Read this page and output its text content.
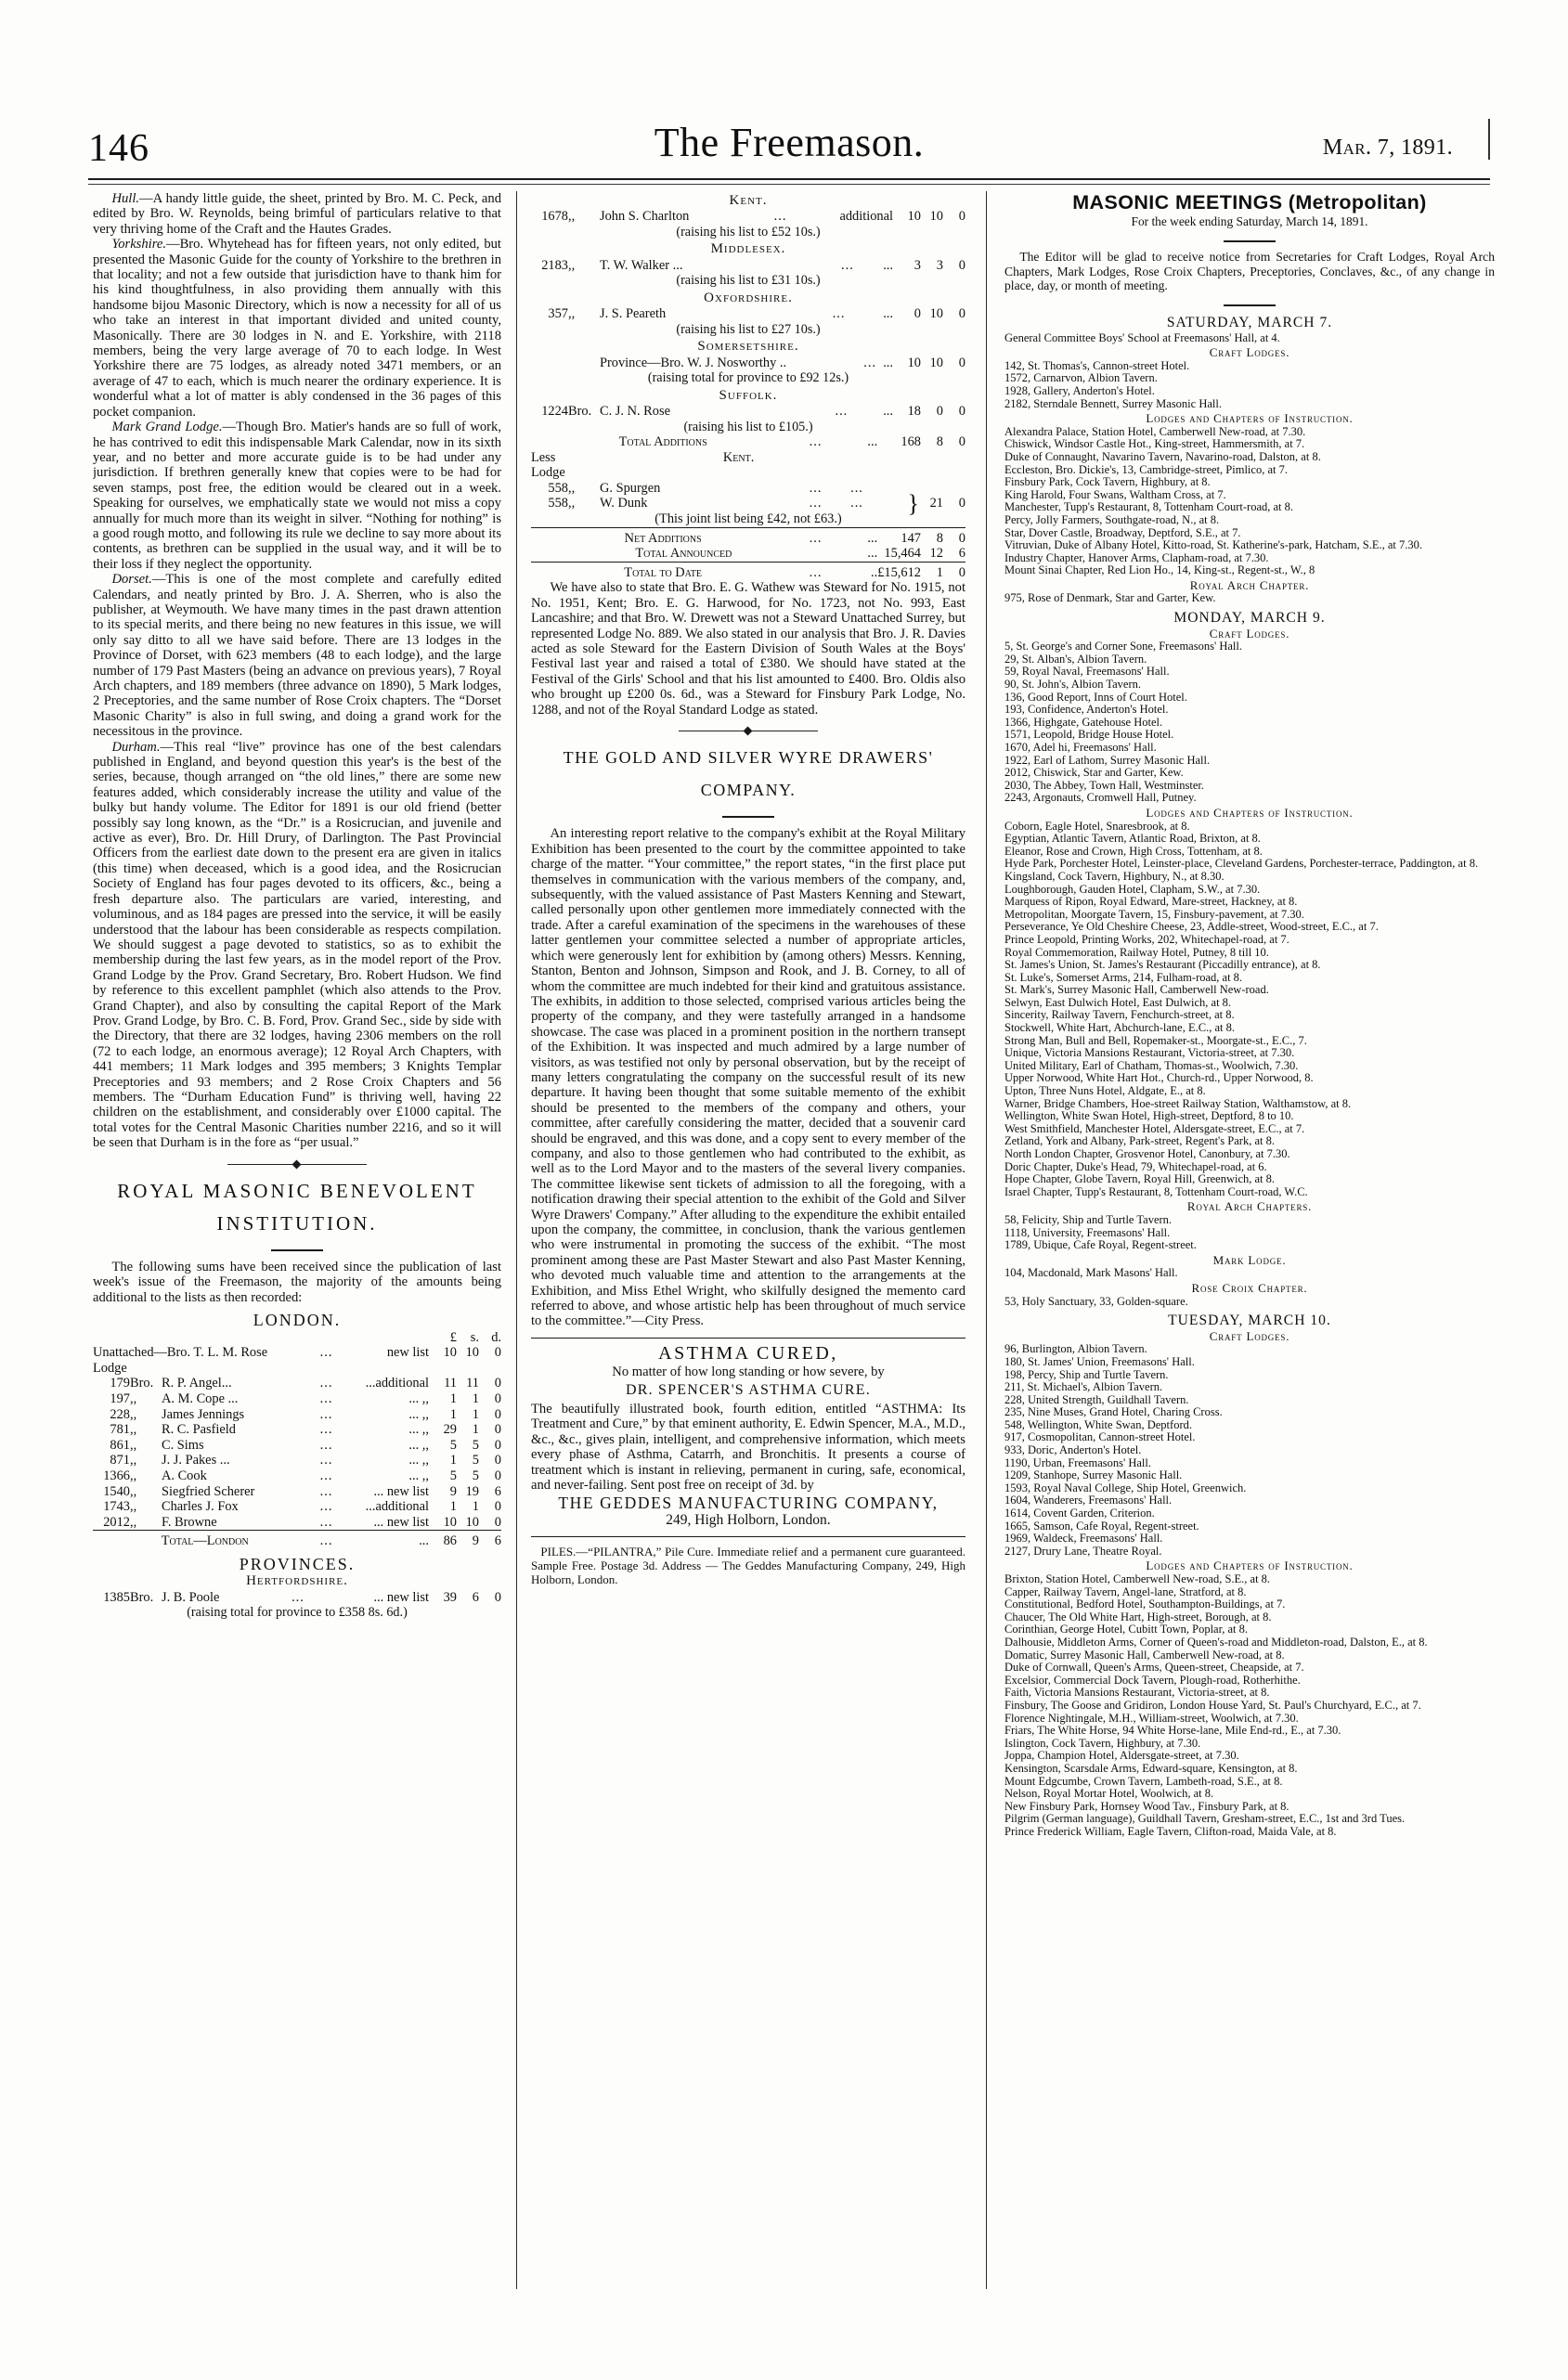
146	The Freemason.	Mar. 7, 1891.

Hull.—A handy little guide, the sheet, printed by Bro. M. C. Peck, and edited by Bro. W. Reynolds, being brimful of particulars relative to that very thriving home of the Craft and the Hautes Grades.

Yorkshire.—Bro. Whytehead has for fifteen years, not only edited, but presented the Masonic Guide for the county of Yorkshire to the brethren in that locality; and not a few outside that jurisdiction have to thank him for his kind thoughtfulness, in also providing them annually with this handsome bijou Masonic Directory, which is now a necessity for all of us who take an interest in that important divided and united county, Masonically. There are 30 lodges in N. and E. Yorkshire, with 2118 members, being the very large average of 70 to each lodge. In West Yorkshire there are 75 lodges, as already noted 3471 members, or an average of 47 to each, which is much nearer the ordinary experience. It is wonderful what a lot of matter is ably condensed in the 36 pages of this pocket companion.

Mark Grand Lodge.—Though Bro. Matier's hands are so full of work, he has contrived to edit this indispensable Mark Calendar, now in its sixth year, and no better and more accurate guide is to be had under any jurisdiction. If brethren generally knew that copies were to be had for seven stamps, post free, the edition would be cleared out in a week. Speaking for ourselves, we emphatically state we would not miss a copy annually for much more than its weight in silver. “Nothing for nothing” is a good rough motto, and following its rule we decline to say more about its contents, as brethren can be supplied in the usual way, and it will be to their loss if they neglect the opportunity.

Dorset.—This is one of the most complete and carefully edited Calendars, and neatly printed by Bro. J. A. Sherren, who is also the publisher, at Weymouth. We have many times in the past drawn attention to its special merits, and there being no new features in this issue, we will only say ditto to all we have said before. There are 13 lodges in the Province of Dorset, with 623 members (48 to each lodge), and the large number of 179 Past Masters (being an advance on previous years), 7 Royal Arch chapters, and 189 members (three advance on 1890), 5 Mark lodges, 2 Preceptories, and the same number of Rose Croix chapters. The “Dorset Masonic Charity” is also in full swing, and doing a grand work for the necessitous in the province.

Durham.—This real “live” province has one of the best calendars published in England, and beyond question this year's is the best of the series, because, though arranged on “the old lines,” there are some new features added, which considerably increase the utility and value of the bulky but handy volume. The Editor for 1891 is our old friend (better possibly say long known, as the “Dr.” is a Rosicrucian, and juvenile and active as ever), Bro. Dr. Hill Drury, of Darlington. The Past Provincial Officers from the earliest date down to the present era are given in italics (this time) when deceased, which is a good idea, and the Rosicrucian Society of England has four pages devoted to its officers, &c., being a fresh departure also. The particulars are varied, interesting, and voluminous, and as 184 pages are pressed into the service, it will be easily understood that the labour has been considerable as respects compilation. We should suggest a page devoted to statistics, so as to exhibit the membership during the last few years, as in the model report of the Prov. Grand Lodge by the Prov. Grand Secretary, Bro. Robert Hudson. We find by reference to this excellent pamphlet (which also attends to the Prov. Grand Chapter), and also by consulting the capital Report of the Mark Prov. Grand Lodge, by Bro. C. B. Ford, Prov. Grand Sec., side by side with the Directory, that there are 32 lodges, having 2306 members on the roll (72 to each lodge, an enormous average); 12 Royal Arch Chapters, with 441 members; 11 Mark lodges and 395 members; 3 Knights Templar Preceptories and 93 members; and 2 Rose Croix Chapters and 56 members. The “Durham Education Fund” is thriving well, having 22 children on the establishment, and considerably over £1000 capital. The total votes for the Central Masonic Charities number 2216, and so it will be seen that Durham is in the fore as “per usual.”

ROYAL MASONIC BENEVOLENT
INSTITUTION.

The following sums have been received since the publication of last week's issue of the Freemason, the majority of the amounts being additional to the lists as then recorded:

LONDON.
					£	s.	d.
Unattached—Bro. T. L. M. Rose			...	new list	10	10	0
Lodge							
179	Bro.	R. P. Angel...	...	...additional	11	11	0
197	,,	A. M. Cope ...	...	... ,,	1	1	0
228	,,	James Jennings	...	... ,,	1	1	0
781	,,	R. C. Pasfield	...	... ,,	29	1	0
861	,,	C. Sims	...	... ,,	5	5	0
871	,,	J. J. Pakes ...	...	... ,,	1	5	0
1366	,,	A. Cook	...	... ,,	5	5	0
1540	,,	Siegfried Scherer	...	... new list	9	19	6
1743	,,	Charles J. Fox	...	...additional	1	1	0
2012	,,	F. Browne	...	... new list	10	10	0

Total—London			...	...	86	9	6
PROVINCES.
Hertfordshire.
1385	Bro.	J. B. Poole	...	... new list	39	6	0
(raising total for province to £358 8s. 6d.)
Kent.
1678	,,	John S. Charlton	...	additional	10	10	0
(raising his list to £52 10s.)
Middlesex.
2183	,,	T. W. Walker ...	...	...	3	3	0
(raising his list to £31 10s.)
Oxfordshire.
357	,,	J. S. Peareth	...	...	0	10	0
(raising his list to £27 10s.)
Somersetshire.
		Province—Bro. W. J. Nosworthy ..	...	...	10	10	0
(raising total for province to £92 12s.)
Suffolk.
1224	Bro.	C. J. N. Rose	...	...	18	0	0
(raising his list to £105.)
Total Additions			...	...	168	8	0
Less		Kent.					
Lodge							
558	,,	G. Spurgen	...	...	}	21	0
558	,,	W. Dunk	...	...			
(This joint list being £42, not £63.)							

Net Additions			...	...	147	8	0
Total Announced				...	15,464	12	6

Total to Date			...	..	£15,612	1	0

We have also to state that Bro. E. G. Wathew was Steward for No. 1915, not No. 1951, Kent; Bro. E. G. Harwood, for No. 1723, not No. 993, East Lancashire; and that Bro. W. Drewett was not a Steward Unattached Surrey, but represented Lodge No. 889. We also stated in our analysis that Bro. J. R. Davies acted as sole Steward for the Eastern Division of South Wales at the Boys' Festival last year and raised a total of £380. We should have stated at the Festival of the Girls' School and that his list amounted to £400. Bro. Oldis also who brought up £200 0s. 6d., was a Steward for Finsbury Park Lodge, No. 1288, and not of the Royal Standard Lodge as stated.

THE GOLD AND SILVER WYRE DRAWERS'
COMPANY.

An interesting report relative to the company's exhibit at the Royal Military Exhibition has been presented to the court by the committee appointed to take charge of the matter. “Your committee,” the report states, “in the first place put themselves in communication with the various members of the company, and, subsequently, with the valued assistance of Past Masters Kenning and Stewart, called personally upon other gentlemen more immediately connected with the trade. After a careful examination of the specimens in the warehouses of these latter gentlemen your committee selected a number of appropriate articles, which were generously lent for exhibition by (among others) Messrs. Kenning, Stanton, Benton and Johnson, Simpson and Rook, and J. B. Corney, to all of whom the committee are much indebted for their kind and gratuitous assistance. The exhibits, in addition to those selected, comprised various articles being the property of the company, and they were tastefully arranged in a handsome showcase. The case was placed in a prominent position in the northern transept of the Exhibition. It was inspected and much admired by a large number of visitors, as was testified not only by personal observation, but by the receipt of many letters congratulating the company on the successful result of its new departure. It having been thought that some suitable memento of the exhibit should be presented to the members of the company and others, your committee, after carefully considering the matter, decided that a souvenir card should be engraved, and this was done, and a copy sent to every member of the company, and also to those gentlemen who had contributed to the exhibit, as well as to the Lord Mayor and to the masters of the several livery companies. The committee likewise sent tickets of admission to all the foregoing, with a notification drawing their special attention to the exhibit of the Gold and Silver Wyre Drawers' Company.” After alluding to the expenditure the exhibit entailed upon the company, the committee, in conclusion, thank the various gentlemen who were instrumental in promoting the success of the exhibit. “The most prominent among these are Past Master Stewart and also Past Master Kenning, who devoted much valuable time and attention to the arrangements at the Exhibition, and Miss Ethel Wright, who skilfully designed the memento card referred to above, and whose artistic help has been throughout of much service to the committee.”—City Press.

ASTHMA CURED,
No matter of how long standing or how severe, by
DR. SPENCER'S ASTHMA CURE.

The beautifully illustrated book, fourth edition, entitled “ASTHMA: Its Treatment and Cure,” by that eminent authority, E. Edwin Spencer, M.A., M.D., &c., &c., gives plain, intelligent, and comprehensive information, which meets every phase of Asthma, Catarrh, and Bronchitis. It presents a course of treatment which is instant in relieving, permanent in curing, safe, economical, and never-failing. Sent post free on receipt of 3d. by

THE GEDDES MANUFACTURING COMPANY,
249, High Holborn, London.

PILES.—“PILANTRA,” Pile Cure. Immediate relief and a permanent cure guaranteed. Sample Free. Postage 3d. Address — The Geddes Manufacturing Company, 249, High Holborn, London.

MASONIC MEETINGS (Metropolitan)
For the week ending Saturday, March 14, 1891.

The Editor will be glad to receive notice from Secretaries for Craft Lodges, Royal Arch Chapters, Mark Lodges, Rose Croix Chapters, Preceptories, Conclaves, &c., of any change in place, day, or month of meeting.

SATURDAY, MARCH 7.
General Committee Boys' School at Freemasons' Hall, at 4.
Craft Lodges.
142, St. Thomas's, Cannon-street Hotel.
1572, Carnarvon, Albion Tavern.
1928, Gallery, Anderton's Hotel.
2182, Sterndale Bennett, Surrey Masonic Hall.
Lodges and Chapters of Instruction.
Alexandra Palace, Station Hotel, Camberwell New-road, at 7.30.
Chiswick, Windsor Castle Hot., King-street, Hammersmith, at 7.
Duke of Connaught, Navarino Tavern, Navarino-road, Dalston, at 8.
Eccleston, Bro. Dickie's, 13, Cambridge-street, Pimlico, at 7.
Finsbury Park, Cock Tavern, Highbury, at 8.
King Harold, Four Swans, Waltham Cross, at 7.
Manchester, Tupp's Restaurant, 8, Tottenham Court-road, at 8.
Percy, Jolly Farmers, Southgate-road, N., at 8.
Star, Dover Castle, Broadway, Deptford, S.E., at 7.
Vitruvian, Duke of Albany Hotel, Kitto-road, St. Katherine's-park, Hatcham, S.E., at 7.30.
Industry Chapter, Hanover Arms, Clapham-road, at 7.30.
Mount Sinai Chapter, Red Lion Ho., 14, King-st., Regent-st., W., 8
Royal Arch Chapter.
975, Rose of Denmark, Star and Garter, Kew.
MONDAY, MARCH 9.
Craft Lodges.
5, St. George's and Corner Sone, Freemasons' Hall.
29, St. Alban's, Albion Tavern.
59, Royal Naval, Freemasons' Hall.
90, St. John's, Albion Tavern.
136, Good Report, Inns of Court Hotel.
193, Confidence, Anderton's Hotel.
1366, Highgate, Gatehouse Hotel.
1571, Leopold, Bridge House Hotel.
1670, Adel hi, Freemasons' Hall.
1922, Earl of Lathom, Surrey Masonic Hall.
2012, Chiswick, Star and Garter, Kew.
2030, The Abbey, Town Hall, Westminster.
2243, Argonauts, Cromwell Hall, Putney.
Lodges and Chapters of Instruction.
Coborn, Eagle Hotel, Snaresbrook, at 8.
Egyptian, Atlantic Tavern, Atlantic Road, Brixton, at 8.
Eleanor, Rose and Crown, High Cross, Tottenham, at 8.
Hyde Park, Porchester Hotel, Leinster-place, Cleveland Gardens, Porchester-terrace, Paddington, at 8.
Kingsland, Cock Tavern, Highbury, N., at 8.30.
Loughborough, Gauden Hotel, Clapham, S.W., at 7.30.
Marquess of Ripon, Royal Edward, Mare-street, Hackney, at 8.
Metropolitan, Moorgate Tavern, 15, Finsbury-pavement, at 7.30.
Perseverance, Ye Old Cheshire Cheese, 23, Addle-street, Wood-street, E.C., at 7.
Prince Leopold, Printing Works, 202, Whitechapel-road, at 7.
Royal Commemoration, Railway Hotel, Putney, 8 till 10.
St. James's Union, St. James's Restaurant (Piccadilly entrance), at 8.
St. Luke's, Somerset Arms, 214, Fulham-road, at 8.
St. Mark's, Surrey Masonic Hall, Camberwell New-road.
Selwyn, East Dulwich Hotel, East Dulwich, at 8.
Sincerity, Railway Tavern, Fenchurch-street, at 8.
Stockwell, White Hart, Abchurch-lane, E.C., at 8.
Strong Man, Bull and Bell, Ropemaker-st., Moorgate-st., E.C., 7.
Unique, Victoria Mansions Restaurant, Victoria-street, at 7.30.
United Military, Earl of Chatham, Thomas-st., Woolwich, 7.30.
Upper Norwood, White Hart Hot., Church-rd., Upper Norwood, 8.
Upton, Three Nuns Hotel, Aldgate, E., at 8.
Warner, Bridge Chambers, Hoe-street Railway Station, Walthamstow, at 8.
Wellington, White Swan Hotel, High-street, Deptford, 8 to 10.
West Smithfield, Manchester Hotel, Aldersgate-street, E.C., at 7.
Zetland, York and Albany, Park-street, Regent's Park, at 8.
North London Chapter, Grosvenor Hotel, Canonbury, at 7.30.
Doric Chapter, Duke's Head, 79, Whitechapel-road, at 6.
Hope Chapter, Globe Tavern, Royal Hill, Greenwich, at 8.
Israel Chapter, Tupp's Restaurant, 8, Tottenham Court-road, W.C.
Royal Arch Chapters.
58, Felicity, Ship and Turtle Tavern.
1118, University, Freemasons' Hall.
1789, Ubique, Cafe Royal, Regent-street.
Mark Lodge.
104, Macdonald, Mark Masons' Hall.
Rose Croix Chapter.
53, Holy Sanctuary, 33, Golden-square.
TUESDAY, MARCH 10.
Craft Lodges.
96, Burlington, Albion Tavern.
180, St. James' Union, Freemasons' Hall.
198, Percy, Ship and Turtle Tavern.
211, St. Michael's, Albion Tavern.
228, United Strength, Guildhall Tavern.
235, Nine Muses, Grand Hotel, Charing Cross.
548, Wellington, White Swan, Deptford.
917, Cosmopolitan, Cannon-street Hotel.
933, Doric, Anderton's Hotel.
1190, Urban, Freemasons' Hall.
1209, Stanhope, Surrey Masonic Hall.
1593, Royal Naval College, Ship Hotel, Greenwich.
1604, Wanderers, Freemasons' Hall.
1614, Covent Garden, Criterion.
1665, Samson, Cafe Royal, Regent-street.
1969, Waldeck, Freemasons' Hall.
2127, Drury Lane, Theatre Royal.
Lodges and Chapters of Instruction.
Brixton, Station Hotel, Camberwell New-road, S.E., at 8.
Capper, Railway Tavern, Angel-lane, Stratford, at 8.
Constitutional, Bedford Hotel, Southampton-Buildings, at 7.
Chaucer, The Old White Hart, High-street, Borough, at 8.
Corinthian, George Hotel, Cubitt Town, Poplar, at 8.
Dalhousie, Middleton Arms, Corner of Queen's-road and Middleton-road, Dalston, E., at 8.
Domatic, Surrey Masonic Hall, Camberwell New-road, at 8.
Duke of Cornwall, Queen's Arms, Queen-street, Cheapside, at 7.
Excelsior, Commercial Dock Tavern, Plough-road, Rotherhithe.
Faith, Victoria Mansions Restaurant, Victoria-street, at 8.
Finsbury, The Goose and Gridiron, London House Yard, St. Paul's Churchyard, E.C., at 7.
Florence Nightingale, M.H., William-street, Woolwich, at 7.30.
Friars, The White Horse, 94 White Horse-lane, Mile End-rd., E., at 7.30.
Islington, Cock Tavern, Highbury, at 7.30.
Joppa, Champion Hotel, Aldersgate-street, at 7.30.
Kensington, Scarsdale Arms, Edward-square, Kensington, at 8.
Mount Edgcumbe, Crown Tavern, Lambeth-road, S.E., at 8.
Nelson, Royal Mortar Hotel, Woolwich, at 8.
New Finsbury Park, Hornsey Wood Tav., Finsbury Park, at 8.
Pilgrim (German language), Guildhall Tavern, Gresham-street, E.C., 1st and 3rd Tues.
Prince Frederick William, Eagle Tavern, Clifton-road, Maida Vale, at 8.
